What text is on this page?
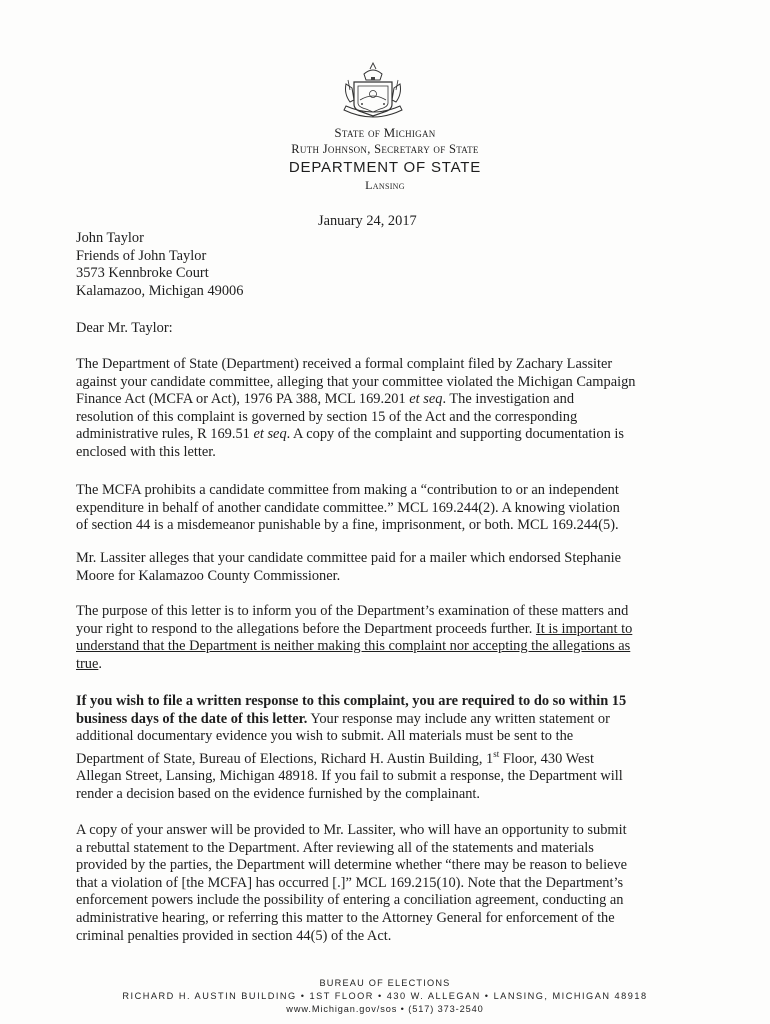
State of Michigan
Ruth Johnson, Secretary of State
DEPARTMENT OF STATE
Lansing
January 24, 2017
John Taylor
Friends of John Taylor
3573 Kennbroke Court
Kalamazoo, Michigan 49006
Dear Mr. Taylor:
The Department of State (Department) received a formal complaint filed by Zachary Lassiter
against your candidate committee, alleging that your committee violated the Michigan Campaign
Finance Act (MCFA or Act), 1976 PA 388, MCL 169.201 et seq. The investigation and
resolution of this complaint is governed by section 15 of the Act and the corresponding
administrative rules, R 169.51 et seq. A copy of the complaint and supporting documentation is
enclosed with this letter.
The MCFA prohibits a candidate committee from making a “contribution to or an independent
expenditure in behalf of another candidate committee.” MCL 169.244(2). A knowing violation
of section 44 is a misdemeanor punishable by a fine, imprisonment, or both. MCL 169.244(5).
Mr. Lassiter alleges that your candidate committee paid for a mailer which endorsed Stephanie
Moore for Kalamazoo County Commissioner.
The purpose of this letter is to inform you of the Department’s examination of these matters and
your right to respond to the allegations before the Department proceeds further. It is important to
understand that the Department is neither making this complaint nor accepting the allegations as
true.
If you wish to file a written response to this complaint, you are required to do so within 15
business days of the date of this letter. Your response may include any written statement or
additional documentary evidence you wish to submit. All materials must be sent to the
Department of State, Bureau of Elections, Richard H. Austin Building, 1st Floor, 430 West
Allegan Street, Lansing, Michigan 48918. If you fail to submit a response, the Department will
render a decision based on the evidence furnished by the complainant.
A copy of your answer will be provided to Mr. Lassiter, who will have an opportunity to submit
a rebuttal statement to the Department. After reviewing all of the statements and materials
provided by the parties, the Department will determine whether “there may be reason to believe
that a violation of [the MCFA] has occurred [.]” MCL 169.215(10). Note that the Department’s
enforcement powers include the possibility of entering a conciliation agreement, conducting an
administrative hearing, or referring this matter to the Attorney General for enforcement of the
criminal penalties provided in section 44(5) of the Act.
BUREAU OF ELECTIONS
RICHARD H. AUSTIN BUILDING • 1ST FLOOR • 430 W. ALLEGAN • LANSING, MICHIGAN 48918
www.Michigan.gov/sos • (517) 373-2540
